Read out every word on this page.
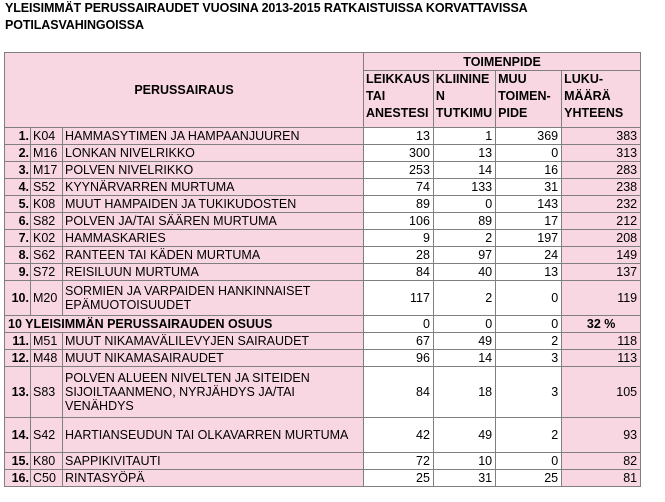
YLEISIMMÄT PERUSSAIRAUDET VUOSINA 2013-2015 RATKAISTUISSA KORVATTAVISSA POTILASVAHINGOISSA
PERUSSAIRAUS			TOIMENPIDE			
			LEIKKAUS TAI ANESTESI	KLIININE N TUTKIMU	MUU TOIMEN- PIDE	LUKU- MÄÄRÄ YHTEENS
1.	K04	HAMMASYTIMEN JA HAMPAANJUUREN	13	1	369	383
2.	M16	LONKAN NIVELRIKKO	300	13	0	313
3.	M17	POLVEN NIVELRIKKO	253	14	16	283
4.	S52	KYYNÄRVARREN MURTUMA	74	133	31	238
5.	K08	MUUT HAMPAIDEN JA TUKIKUDOSTEN	89	0	143	232
6.	S82	POLVEN JA/TAI SÄÄREN MURTUMA	106	89	17	212
7.	K02	HAMMASKARIES	9	2	197	208
8.	S62	RANTEEN TAI KÄDEN MURTUMA	28	97	24	149
9.	S72	REISILUUN MURTUMA	84	40	13	137
10.	M20	SORMIEN JA VARPAIDEN HANKINNAISET EPÄMUOTOISUUDET	117	2	0	119
10 YLEISIMMÄN PERUSSAIRAUDEN OSUUS			0	0	0	32 %
11.	M51	MUUT NIKAMAVÄLILEVYJEN SAIRAUDET	67	49	2	118
12.	M48	MUUT NIKAMASAIRAUDET	96	14	3	113
13.	S83	POLVEN ALUEEN NIVELTEN JA SITEIDEN SIJOILTAANMENO, NYRJÄHDYS JA/TAI VENÄHDYS	84	18	3	105
14.	S42	HARTIANSEUDUN TAI OLKAVARREN MURTUMA	42	49	2	93
15.	K80	SAPPIKIVITAUTI	72	10	0	82
16.	C50	RINTASYÖPÄ	25	31	25	81
